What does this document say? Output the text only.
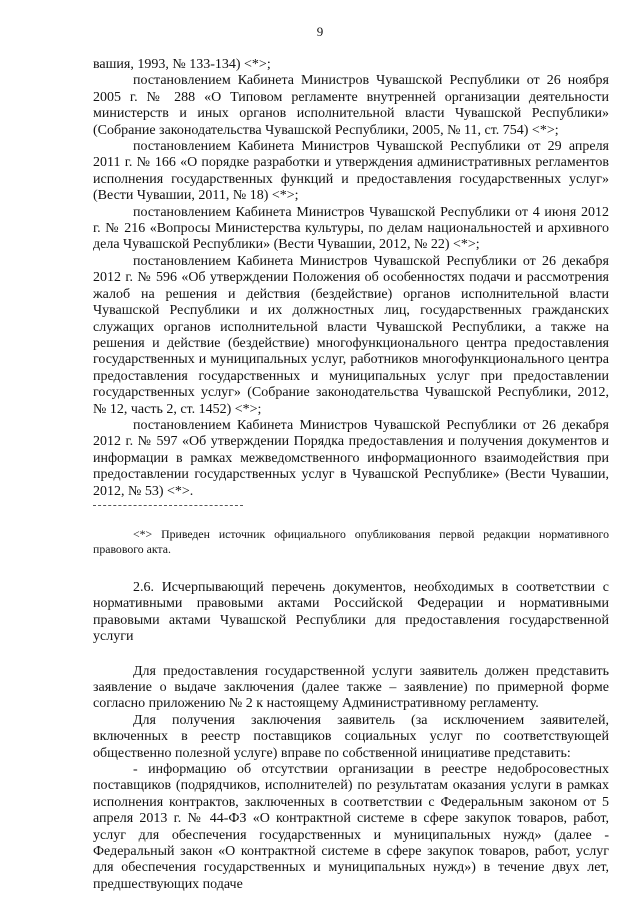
9

вашия, 1993, № 133-134) <*>;

постановлением Кабинета Министров Чувашской Республики от 26 ноября 2005 г. № 288 «О Типовом регламенте внутренней организации деятельности министерств и иных органов исполнительной власти Чувашской Республики» (Собрание законодательства Чувашской Республики, 2005, № 11, ст. 754) <*>;

постановлением Кабинета Министров Чувашской Республики от 29 апреля 2011 г. № 166 «О порядке разработки и утверждения административных регламентов исполнения государственных функций и предоставления государственных услуг» (Вести Чувашии, 2011, № 18) <*>;

постановлением Кабинета Министров Чувашской Республики от 4 июня 2012 г. № 216 «Вопросы Министерства культуры, по делам национальностей и архивного дела Чувашской Республики» (Вести Чувашии, 2012, № 22) <*>;

постановлением Кабинета Министров Чувашской Республики от 26 декабря 2012 г. № 596 «Об утверждении Положения об особенностях подачи и рассмотрения жалоб на решения и действия (бездействие) органов исполнительной власти Чувашской Республики и их должностных лиц, государственных гражданских служащих органов исполнительной власти Чувашской Республики, а также на решения и действие (бездействие) многофункционального центра предоставления государственных и муниципальных услуг, работников многофункционального центра предоставления государственных и муниципальных услуг при предоставлении государственных услуг» (Собрание законодательства Чувашской Республики, 2012, № 12, часть 2, ст. 1452) <*>;

постановлением Кабинета Министров Чувашской Республики от 26 декабря 2012 г. № 597 «Об утверждении Порядка предоставления и получения документов и информации в рамках межведомственного информационного взаимодействия при предоставлении государственных услуг в Чувашской Республике» (Вести Чувашии, 2012, № 53) <*>.

<*> Приведен источник официального опубликования первой редакции нормативного правового акта.

2.6. Исчерпывающий перечень документов, необходимых в соответствии с нормативными правовыми актами Российской Федерации и нормативными правовыми актами Чувашской Республики для предоставления государственной услуги

Для предоставления государственной услуги заявитель должен представить заявление о выдаче заключения (далее также – заявление) по примерной форме согласно приложению № 2 к настоящему Административному регламенту.

Для получения заключения заявитель (за исключением заявителей, включенных в реестр поставщиков социальных услуг по соответствующей общественно полезной услуге) вправе по собственной инициативе представить:

- информацию об отсутствии организации в реестре недобросовестных поставщиков (подрядчиков, исполнителей) по результатам оказания услуги в рамках исполнения контрактов, заключенных в соответствии с Федеральным законом от 5 апреля 2013 г. № 44-ФЗ «О контрактной системе в сфере закупок товаров, работ, услуг для обеспечения государственных и муниципальных нужд» (далее - Федеральный закон «О контрактной системе в сфере закупок товаров, работ, услуг для обеспечения государственных и муниципальных нужд») в течение двух лет, предшествующих подаче
